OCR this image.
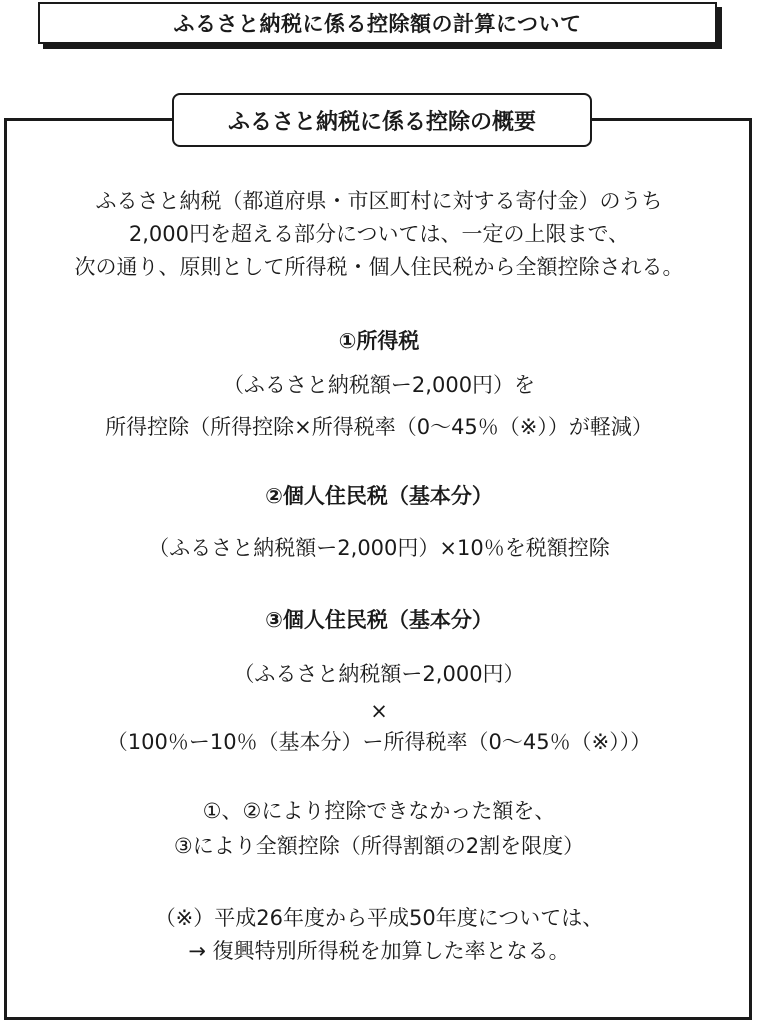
ふるさと納税に係る控除額の計算について
ふるさと納税に係る控除の概要
ふるさと納税（都道府県・市区町村に対する寄付金）のうち
2,000円を超える部分については、一定の上限まで、
次の通り、原則として所得税・個人住民税から全額控除される。
①所得税
（ふるさと納税額ー2,000円）を
所得控除（所得控除×所得税率（0～45％（※））が軽減）
②個人住民税（基本分）
（ふるさと納税額ー2,000円）×10％を税額控除
③個人住民税（基本分）
（ふるさと納税額ー2,000円）
×
（100％ー10％（基本分）ー所得税率（0～45％（※）））
①、②により控除できなかった額を、
③により全額控除（所得割額の2割を限度）
（※）平成26年度から平成50年度については、
→ 復興特別所得税を加算した率となる。
